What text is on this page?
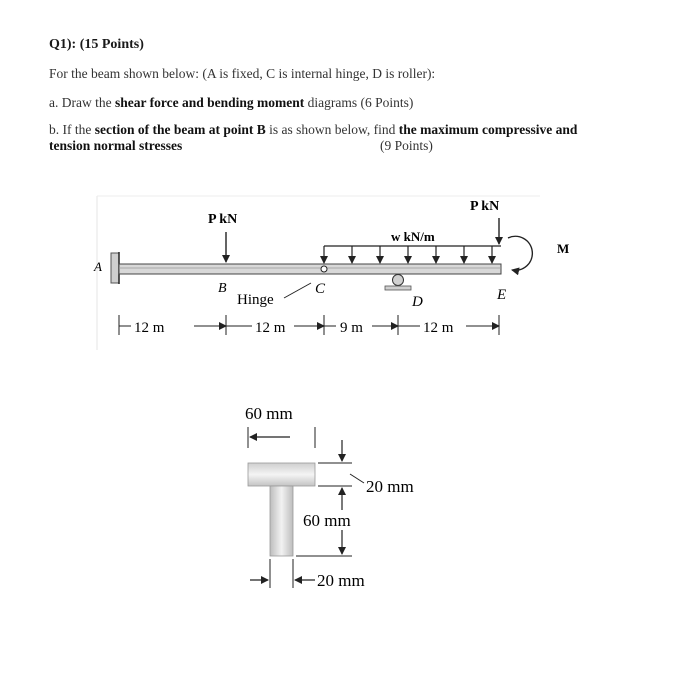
Q1): (15 Points)
For the beam shown below: (A is fixed, C is internal hinge, D is roller):
a. Draw the shear force and bending moment diagrams (6 Points)
b. If the section of the beam at point B is as shown below, find the maximum compressive and
tension normal stresses	(9 Points)
A
P kN
w kN/m
P kN
M
B
Hinge
C
D	E
12 m	12 m	9 m	12 m
60 mm
20 mm
60 mm
20 mm
